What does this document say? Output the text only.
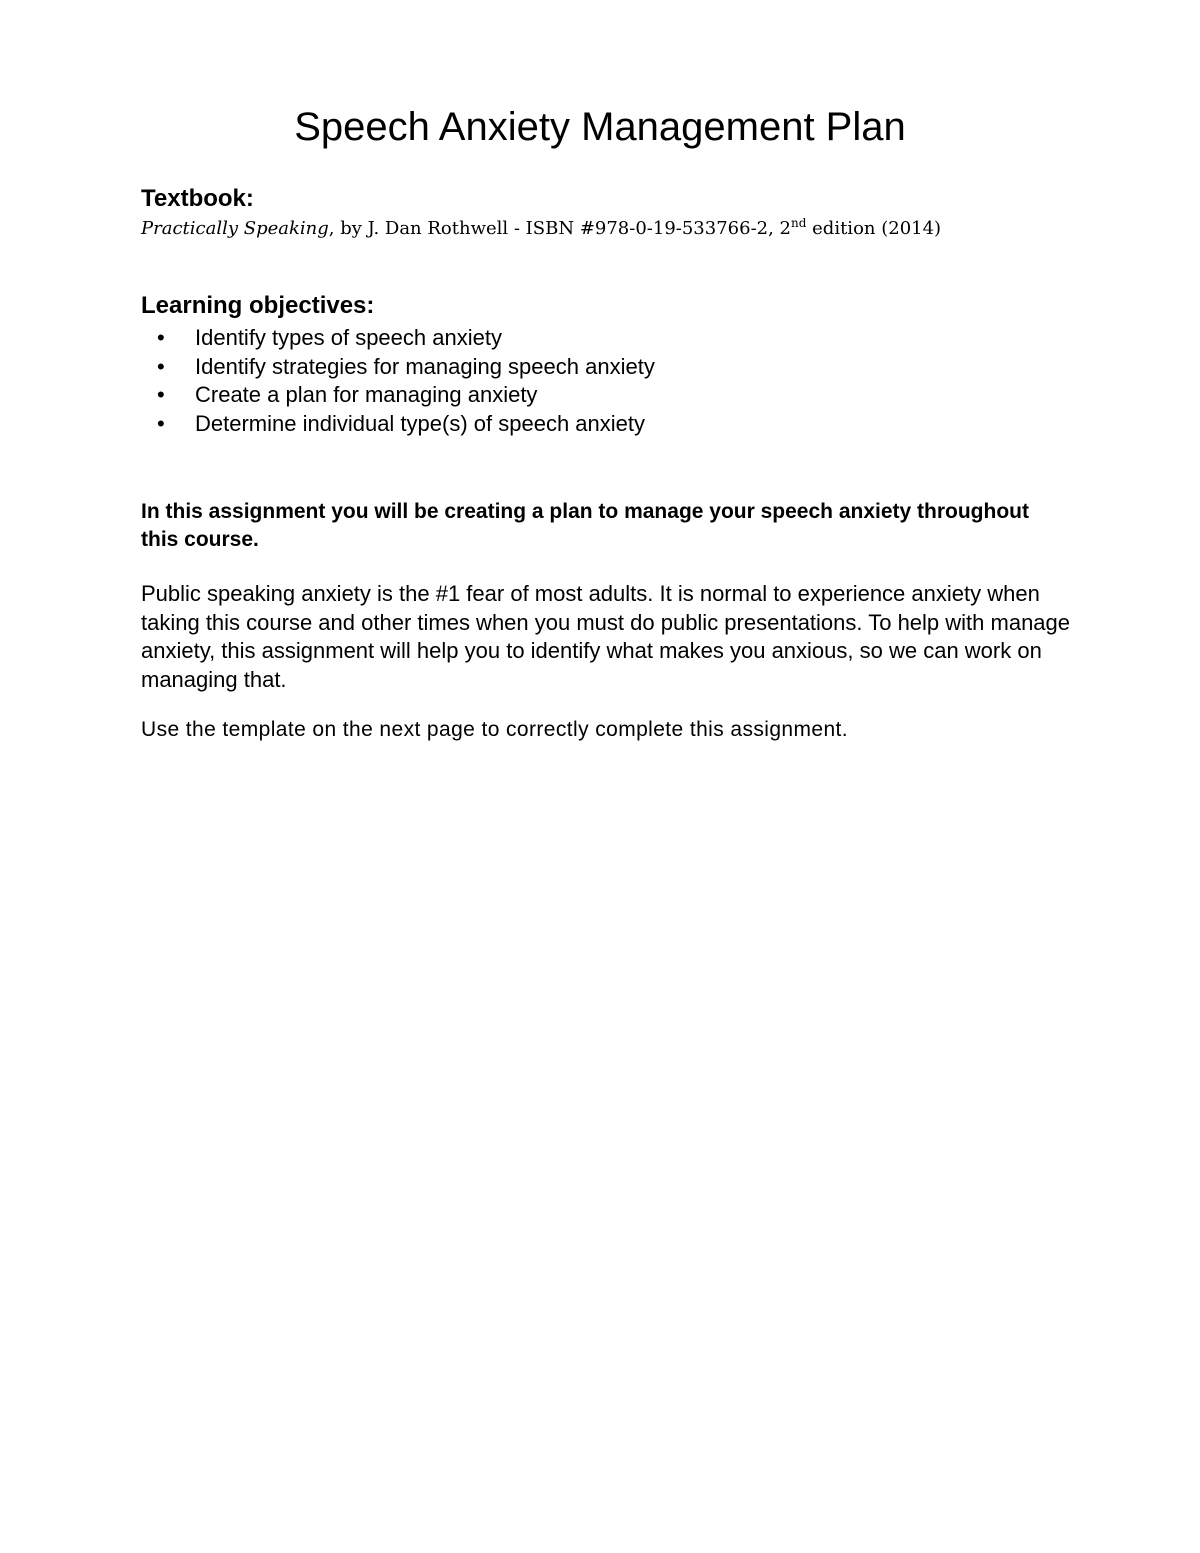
Speech Anxiety Management Plan

Textbook:

Practically Speaking, by J. Dan Rothwell - ISBN #978-0-19-533766-2, 2nd edition (2014)

Learning objectives:

• Identify types of speech anxiety
• Identify strategies for managing speech anxiety
• Create a plan for managing anxiety
• Determine individual type(s) of speech anxiety
In this assignment you will be creating a plan to manage your speech anxiety throughout this course.
Public speaking anxiety is the #1 fear of most adults. It is normal to experience anxiety when taking this course and other times when you must do public presentations. To help with manage anxiety, this assignment will help you to identify what makes you anxious, so we can work on managing that.
Use the template on the next page to correctly complete this assignment.
